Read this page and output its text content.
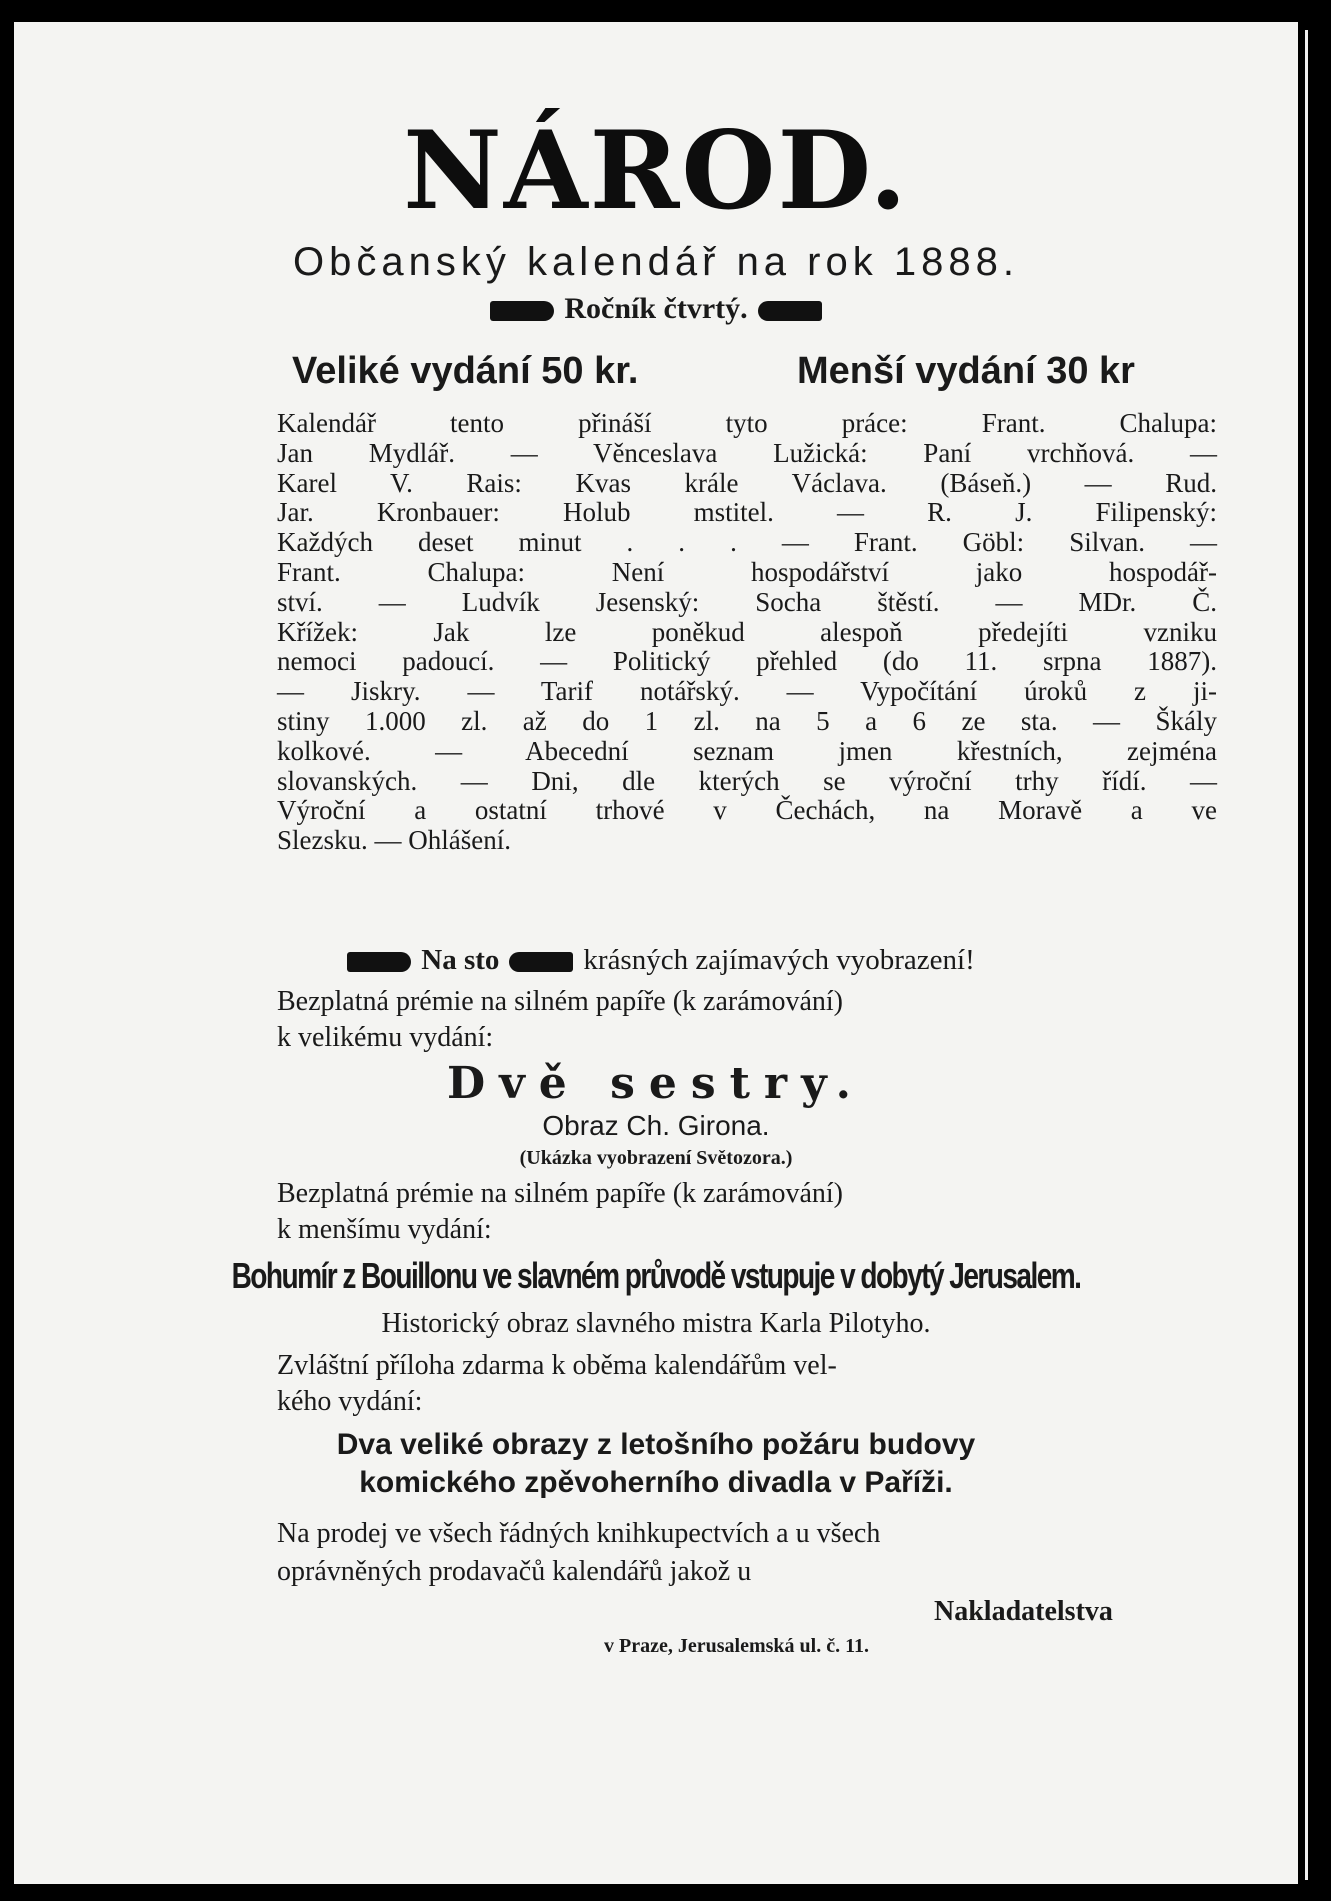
NÁROD.
Občanský kalendář na rok 1888.
Ročník čtvrtý.
Veliké vydání 50 kr.	Menší vydání 30 kr
Kalendář tento přináší tyto práce: Frant. Chalupa:
Jan Mydlář. — Věnceslava Lužická: Paní vrchňová. —
Karel V. Rais: Kvas krále Václava. (Báseň.) — Rud.
Jar. Kronbauer: Holub mstitel. — R. J. Filipenský:
Každých deset minut . . . — Frant. Göbl: Silvan. —
Frant. Chalupa: Není hospodářství jako hospodář-
ství. — Ludvík Jesenský: Socha štěstí. — MDr. Č.
Křížek: Jak lze poněkud alespoň předejíti vzniku
nemoci padoucí. — Politický přehled (do 11. srpna 1887).
— Jiskry. — Tarif notářský. — Vypočítání úroků z ji-
stiny 1.000 zl. až do 1 zl. na 5 a 6 ze sta. — Škály
kolkové. — Abecední seznam jmen křestních, zejména
slovanských. — Dni, dle kterých se výroční trhy řídí. —
Výroční a ostatní trhové v Čechách, na Moravě a ve
Slezsku. — Ohlášení.
Na sto	krásných zajímavých vyobrazení!
Bezplatná prémie na silném papíře (k zarámování)
k velikému vydání:
Dvě sestry.
Obraz Ch. Girona.
(Ukázka vyobrazení Světozora.)
Bezplatná prémie na silném papíře (k zarámování)
k menšímu vydání:
Bohumír z Bouillonu ve slavném průvodě vstupuje v dobytý Jerusalem.
Historický obraz slavného mistra Karla Pilotyho.
Zvláštní příloha zdarma k oběma kalendářům vel-
kého vydání:
Dva veliké obrazy z letošního požáru budovy
komického zpěvoherního divadla v Paříži.
Na prodej ve všech řádných knihkupectvích a u všech
oprávněných prodavačů kalendářů jakož u
Nakladatelstva
v Praze, Jerusalemská ul. č. 11.
